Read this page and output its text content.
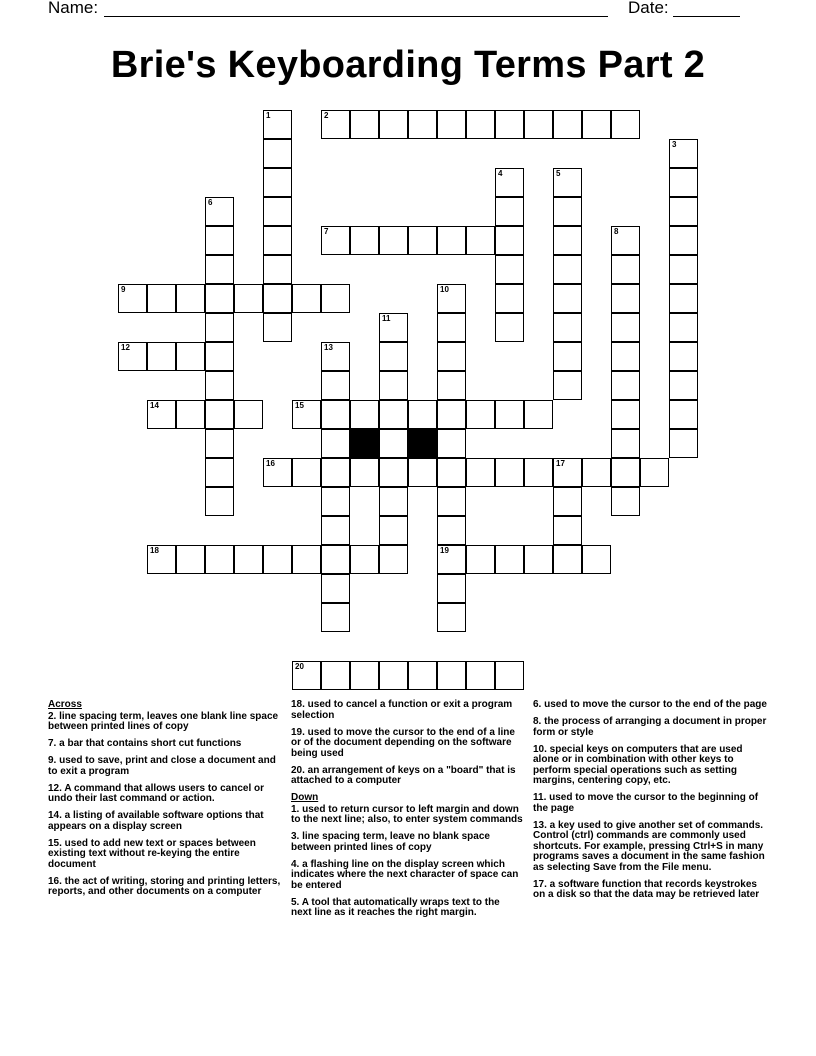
Name:	Date:
Brie's Keyboarding Terms Part 2
2
7
9
12
14	15
16	17
18	19
20
1
3
4	5
6
8
10
11
13
Across
2. line spacing term, leaves one blank line space between printed lines of copy
7. a bar that contains short cut functions
9. used to save, print and close a document and to exit a program
12. A command that allows users to cancel or undo their last command or action.
14. a listing of available software options that appears on a display screen
15. used to add new text or spaces between existing text without re-keying the entire document
16. the act of writing, storing and printing letters, reports, and other documents on a computer
18. used to cancel a function or exit a program selection
19. used to move the cursor to the end of a line or of the document depending on the software being used
20. an arrangement of keys on a "board" that is attached to a computer
Down
1. used to return cursor to left margin and down to the next line; also, to enter system commands
3. line spacing term, leave no blank space between printed lines of copy
4. a flashing line on the display screen which indicates where the next character of space can be entered
5. A tool that automatically wraps text to the next line as it reaches the right margin.
6. used to move the cursor to the end of the page
8. the process of arranging a document in proper form or style
10. special keys on computers that are used alone or in combination with other keys to perform special operations such as setting margins, centering copy, etc.
11. used to move the cursor to the beginning of the page
13. a key used to give another set of commands. Control (ctrl) commands are commonly used shortcuts. For example, pressing Ctrl+S in many programs saves a document in the same fashion as selecting Save from the File menu.
17. a software function that records keystrokes on a disk so that the data may be retrieved later
